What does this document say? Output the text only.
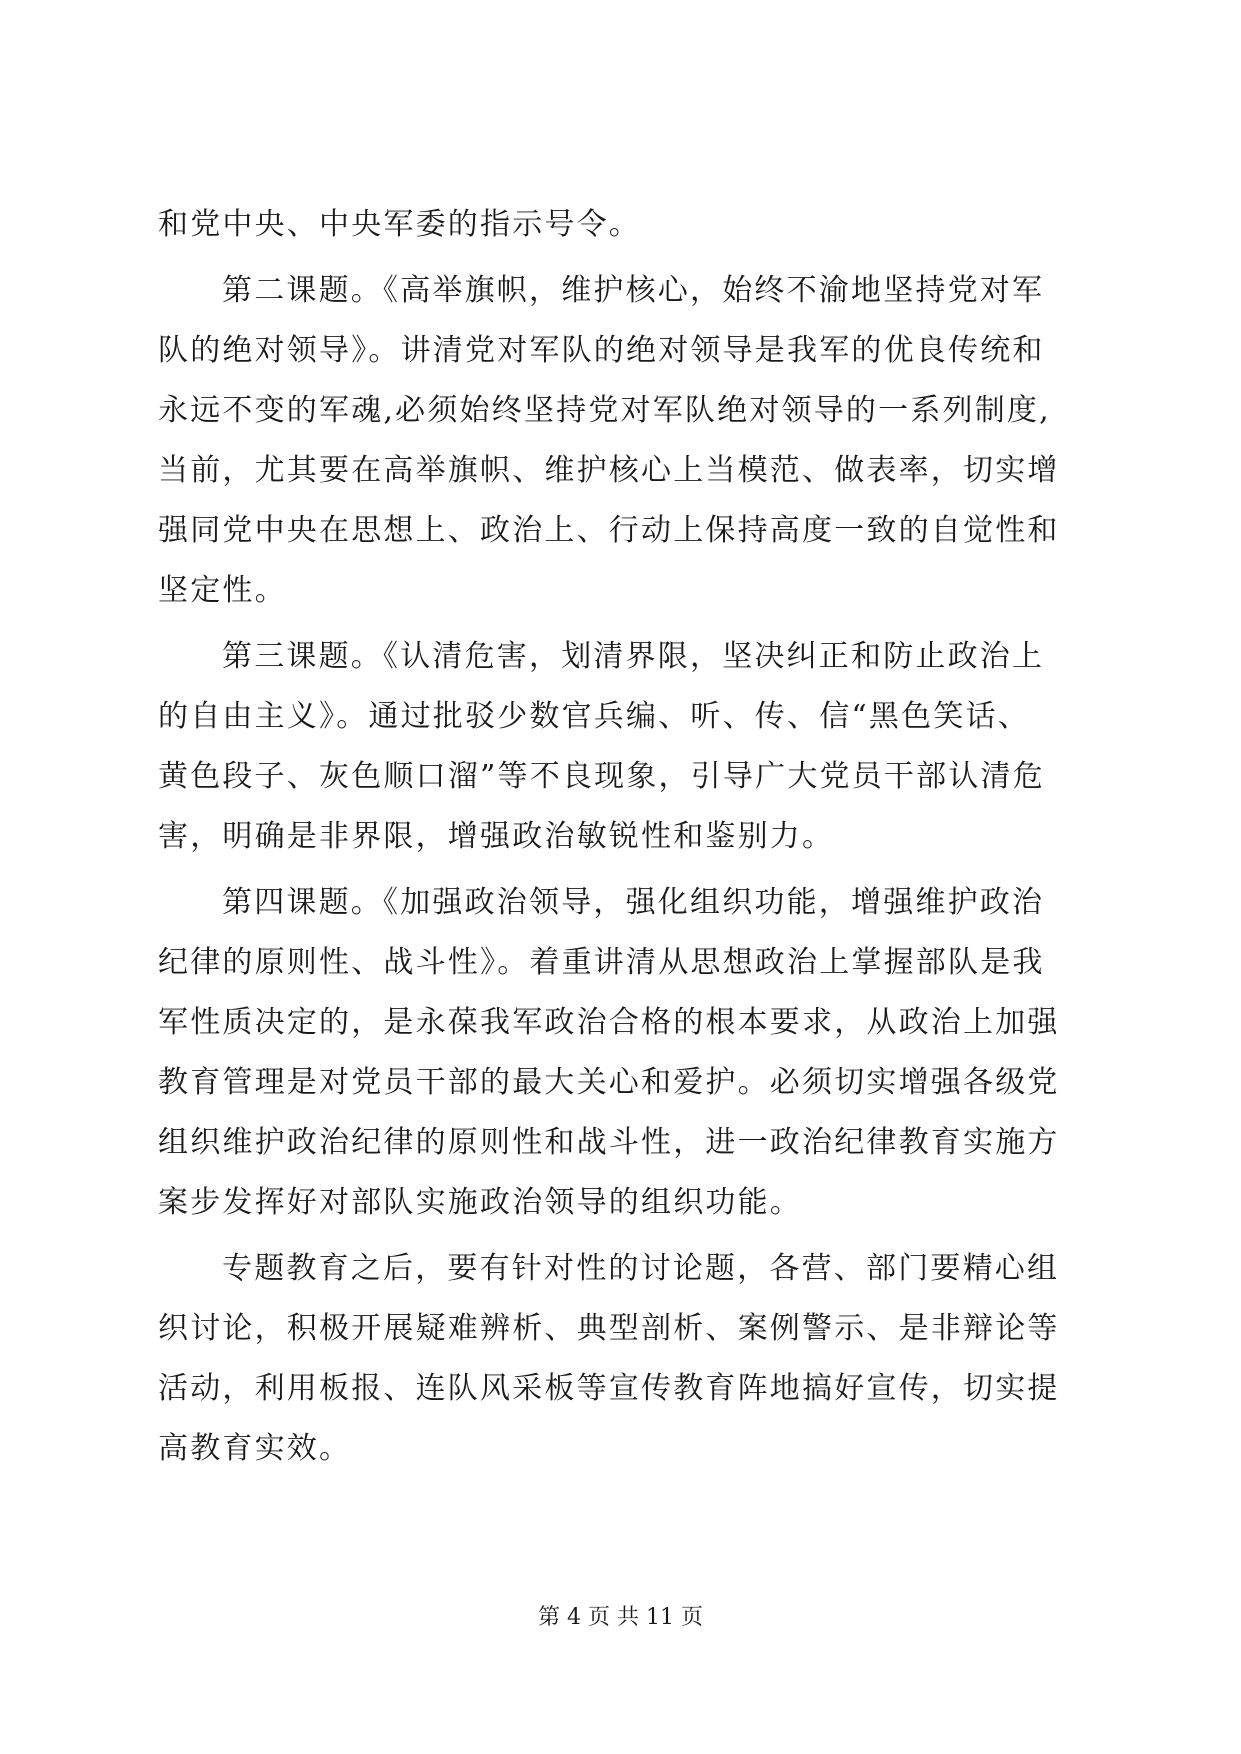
和党中央、中央军委的指示号令。
第二课题。《高举旗帜，维护核心，始终不渝地坚持党对军
队的绝对领导》。讲清党对军队的绝对领导是我军的优良传统和
永远不变的军魂,必须始终坚持党对军队绝对领导的一系列制度,
当前，尤其要在高举旗帜、维护核心上当模范、做表率，切实增
强同党中央在思想上、政治上、行动上保持高度一致的自觉性和
坚定性。
第三课题。《认清危害，划清界限，坚决纠正和防止政治上
的自由主义》。通过批驳少数官兵编、听、传、信“黑色笑话、
黄色段子、灰色顺口溜”等不良现象，引导广大党员干部认清危
害，明确是非界限，增强政治敏锐性和鉴别力。
第四课题。《加强政治领导，强化组织功能，增强维护政治
纪律的原则性、战斗性》。着重讲清从思想政治上掌握部队是我
军性质决定的，是永葆我军政治合格的根本要求，从政治上加强
教育管理是对党员干部的最大关心和爱护。必须切实增强各级党
组织维护政治纪律的原则性和战斗性，进一政治纪律教育实施方
案步发挥好对部队实施政治领导的组织功能。
专题教育之后，要有针对性的讨论题，各营、部门要精心组
织讨论，积极开展疑难辨析、典型剖析、案例警示、是非辩论等
活动，利用板报、连队风采板等宣传教育阵地搞好宣传，切实提
高教育实效。
第 4 页 共 11 页
